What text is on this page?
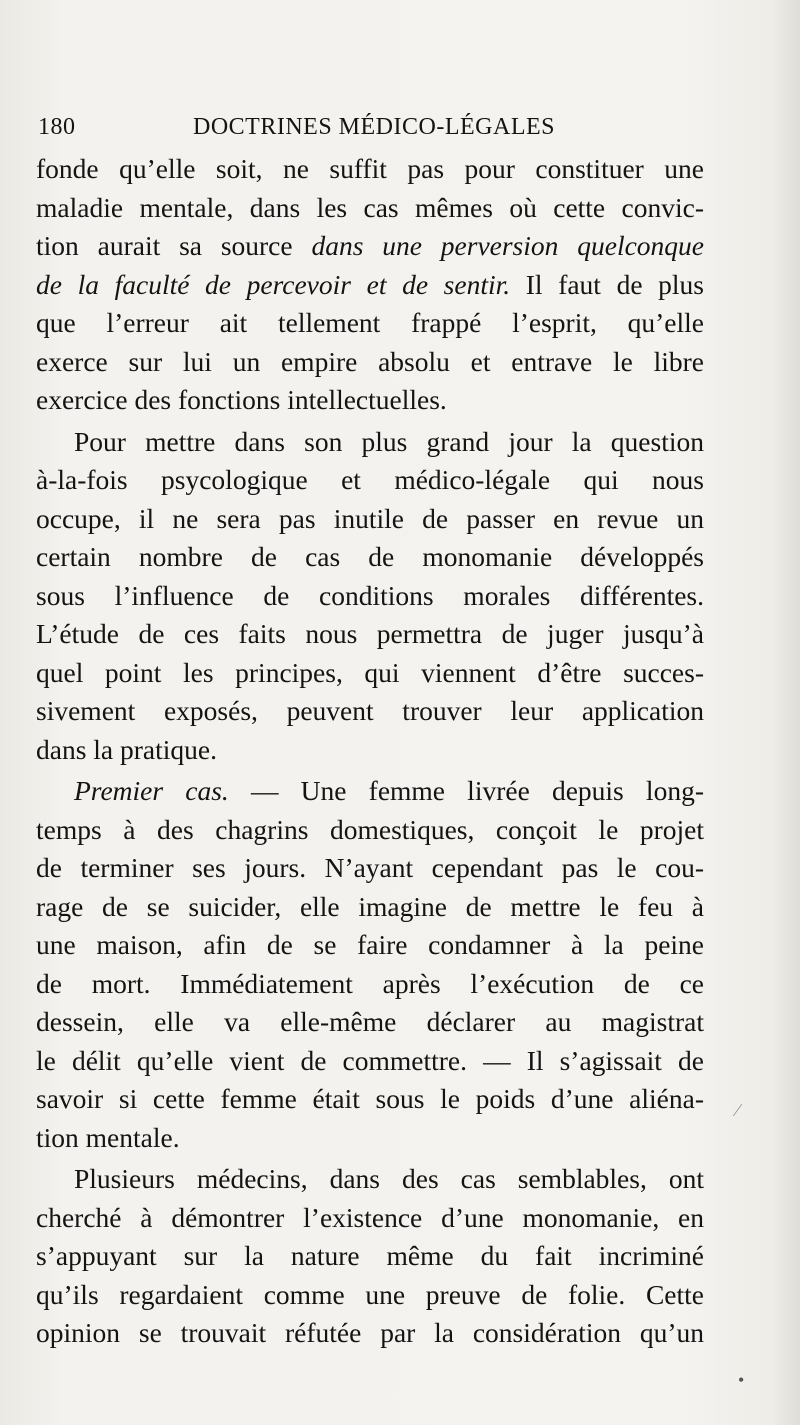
180	DOCTRINES MÉDICO-LÉGALES
fonde qu’elle soit, ne suffit pas pour constituer une
maladie mentale, dans les cas mêmes où cette convic-
tion aurait sa source dans une perversion quelconque
de la faculté de percevoir et de sentir. Il faut de plus
que l’erreur ait tellement frappé l’esprit, qu’elle
exerce sur lui un empire absolu et entrave le libre
exercice des fonctions intellectuelles.
Pour mettre dans son plus grand jour la question
à-la-fois psycologique et médico-légale qui nous
occupe, il ne sera pas inutile de passer en revue un
certain nombre de cas de monomanie développés
sous l’influence de conditions morales différentes.
L’étude de ces faits nous permettra de juger jusqu’à
quel point les principes, qui viennent d’être succes-
sivement exposés, peuvent trouver leur application
dans la pratique.
Premier cas. — Une femme livrée depuis long-
temps à des chagrins domestiques, conçoit le projet
de terminer ses jours. N’ayant cependant pas le cou-
rage de se suicider, elle imagine de mettre le feu à
une maison, afin de se faire condamner à la peine
de mort. Immédiatement après l’exécution de ce
dessein, elle va elle-même déclarer au magistrat
le délit qu’elle vient de commettre. — Il s’agissait de
savoir si cette femme était sous le poids d’une aliéna-
tion mentale.
Plusieurs médecins, dans des cas semblables, ont
cherché à démontrer l’existence d’une monomanie, en
s’appuyant sur la nature même du fait incriminé
qu’ils regardaient comme une preuve de folie. Cette
opinion se trouvait réfutée par la considération qu’un
∕
•
